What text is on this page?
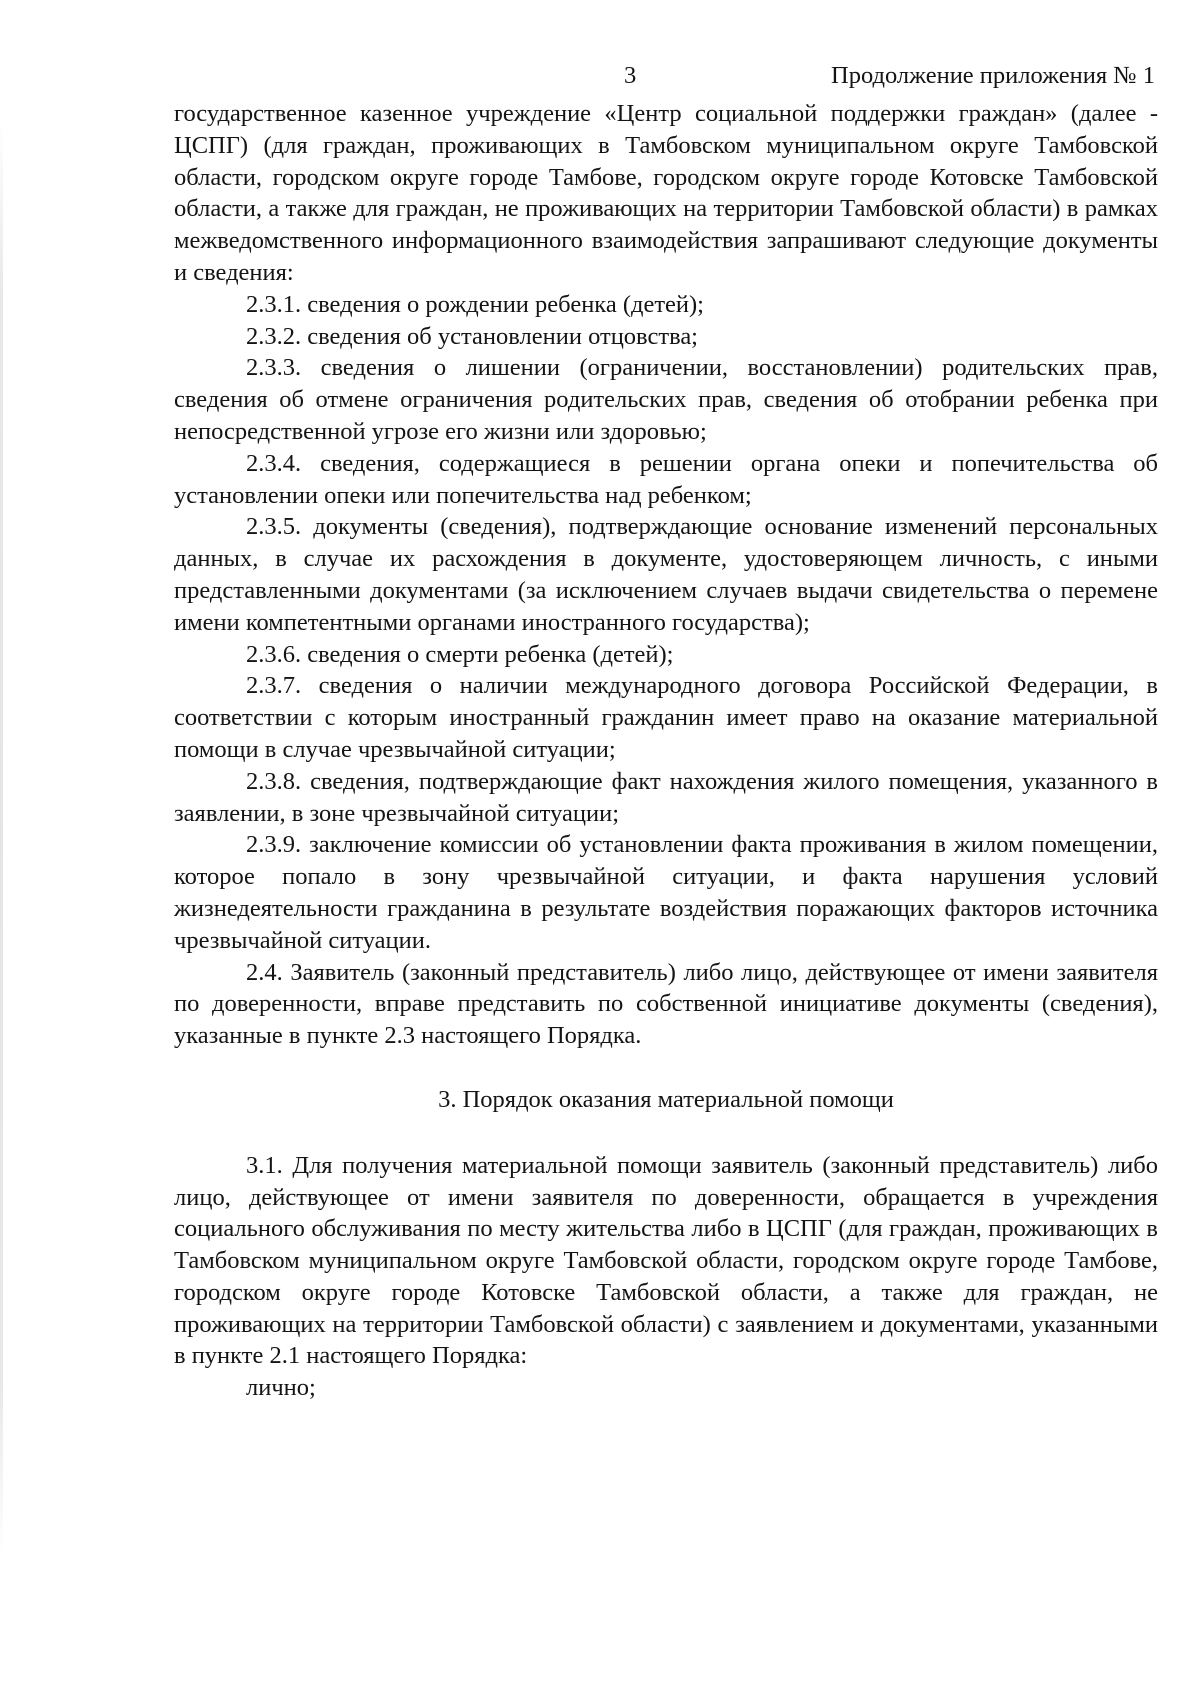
3	Продолжение приложения № 1

государственное казенное учреждение «Центр социальной поддержки граждан» (далее - ЦСПГ) (для граждан, проживающих в Тамбовском муниципальном округе Тамбовской области, городском округе городе Тамбове, городском округе городе Котовске Тамбовской области, а также для граждан, не проживающих на территории Тамбовской области) в рамках межведомственного информационного взаимодействия запрашивают следующие документы и сведения:

2.3.1. сведения о рождении ребенка (детей);

2.3.2. сведения об установлении отцовства;

2.3.3. сведения о лишении (ограничении, восстановлении) родительских прав, сведения об отмене ограничения родительских прав, сведения об отобрании ребенка при непосредственной угрозе его жизни или здоровью;

2.3.4. сведения, содержащиеся в решении органа опеки и попечительства об установлении опеки или попечительства над ребенком;

2.3.5. документы (сведения), подтверждающие основание изменений персональных данных, в случае их расхождения в документе, удостоверяющем личность, с иными представленными документами (за исключением случаев выдачи свидетельства о перемене имени компетентными органами иностранного государства);

2.3.6. сведения о смерти ребенка (детей);

2.3.7. сведения о наличии международного договора Российской Федерации, в соответствии с которым иностранный гражданин имеет право на оказание материальной помощи в случае чрезвычайной ситуации;

2.3.8. сведения, подтверждающие факт нахождения жилого помещения, указанного в заявлении, в зоне чрезвычайной ситуации;

2.3.9. заключение комиссии об установлении факта проживания в жилом помещении, которое попало в зону чрезвычайной ситуации, и факта нарушения условий жизнедеятельности гражданина в результате воздействия поражающих факторов источника чрезвычайной ситуации.

2.4. Заявитель (законный представитель) либо лицо, действующее от имени заявителя по доверенности, вправе представить по собственной инициативе документы (сведения), указанные в пункте 2.3 настоящего Порядка.

3. Порядок оказания материальной помощи

3.1. Для получения материальной помощи заявитель (законный представитель) либо лицо, действующее от имени заявителя по доверенности, обращается в учреждения социального обслуживания по месту жительства либо в ЦСПГ (для граждан, проживающих в Тамбовском муниципальном округе Тамбовской области, городском округе городе Тамбове, городском округе городе Котовске Тамбовской области, а также для граждан, не проживающих на территории Тамбовской области) с заявлением и документами, указанными в пункте 2.1 настоящего Порядка:

лично;
